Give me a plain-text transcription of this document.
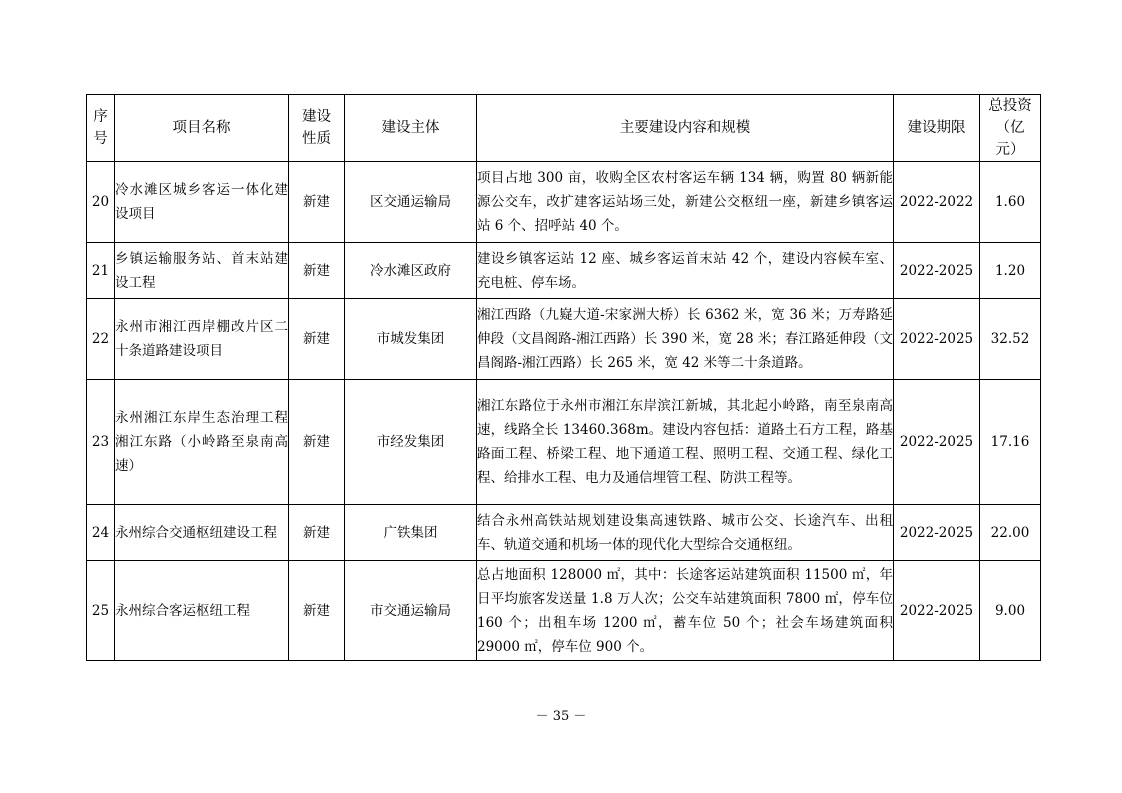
序号	项目名称	建设性质	建设主体	主要建设内容和规模	建设期限	总投资（亿元）
20	冷水滩区城乡客运一体化建设项目	新建	区交通运输局	项目占地 300 亩，收购全区农村客运车辆 134 辆，购置 80 辆新能源公交车，改扩建客运站场三处，新建公交枢纽一座，新建乡镇客运站 6 个、招呼站 40 个。	2022-2022	1.60
21	乡镇运输服务站、首末站建设工程	新建	冷水滩区政府	建设乡镇客运站 12 座、城乡客运首末站 42 个，建设内容候车室、充电桩、停车场。	2022-2025	1.20
22	永州市湘江西岸棚改片区二十条道路建设项目	新建	市城发集团	湘江西路（九嶷大道-宋家洲大桥）长 6362 米，宽 36 米；万寿路延伸段（文昌阁路-湘江西路）长 390 米，宽 28 米；春江路延伸段（文昌阁路-湘江西路）长 265 米，宽 42 米等二十条道路。	2022-2025	32.52
23	永州湘江东岸生态治理工程湘江东路（小岭路至泉南高速）	新建	市经发集团	湘江东路位于永州市湘江东岸滨江新城，其北起小岭路，南至泉南高速，线路全长 13460.368m。建设内容包括：道路土石方工程，路基路面工程、桥梁工程、地下通道工程、照明工程、交通工程、绿化工程、给排水工程、电力及通信埋管工程、防洪工程等。	2022-2025	17.16
24	永州综合交通枢纽建设工程	新建	广铁集团	结合永州高铁站规划建设集高速铁路、城市公交、长途汽车、出租车、轨道交通和机场一体的现代化大型综合交通枢纽。	2022-2025	22.00
25	永州综合客运枢纽工程	新建	市交通运输局	总占地面积 128000 ㎡，其中：长途客运站建筑面积 11500 ㎡，年日平均旅客发送量 1.8 万人次；公交车站建筑面积 7800 ㎡，停车位 160 个；出租车场 1200 ㎡，蓄车位 50 个；社会车场建筑面积 29000 ㎡，停车位 900 个。	2022-2025	9.00
－ 35 －
